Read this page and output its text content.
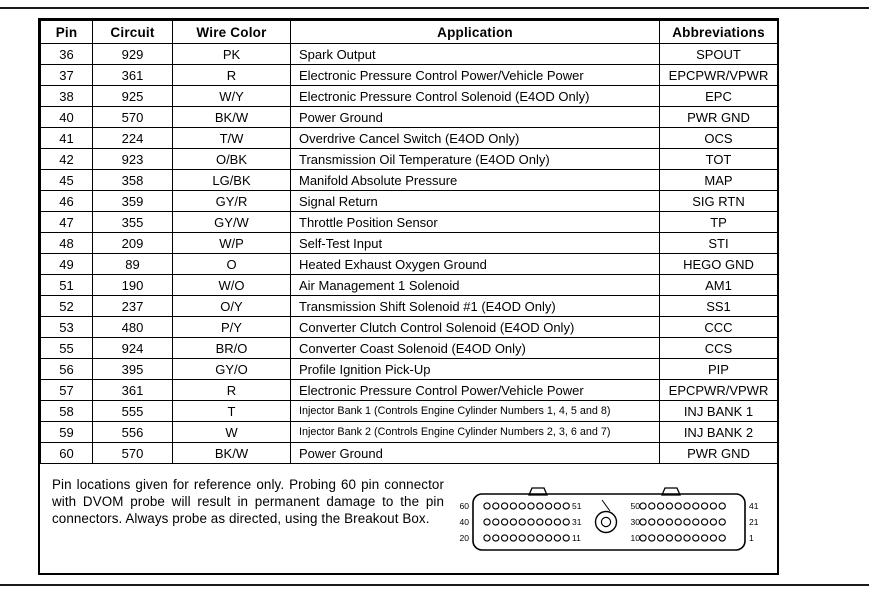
Pin	Circuit	Wire Color	Application	Abbreviations
36	929	PK	Spark Output	SPOUT
37	361	R	Electronic Pressure Control Power/Vehicle Power	EPCPWR/VPWR
38	925	W/Y	Electronic Pressure Control Solenoid (E4OD Only)	EPC
40	570	BK/W	Power Ground	PWR GND
41	224	T/W	Overdrive Cancel Switch (E4OD Only)	OCS
42	923	O/BK	Transmission Oil Temperature (E4OD Only)	TOT
45	358	LG/BK	Manifold Absolute Pressure	MAP
46	359	GY/R	Signal Return	SIG RTN
47	355	GY/W	Throttle Position Sensor	TP
48	209	W/P	Self-Test Input	STI
49	89	O	Heated Exhaust Oxygen Ground	HEGO GND
51	190	W/O	Air Management 1 Solenoid	AM1
52	237	O/Y	Transmission Shift Solenoid #1 (E4OD Only)	SS1
53	480	P/Y	Converter Clutch Control Solenoid (E4OD Only)	CCC
55	924	BR/O	Converter Coast Solenoid (E4OD Only)	CCS
56	395	GY/O	Profile Ignition Pick-Up	PIP
57	361	R	Electronic Pressure Control Power/Vehicle Power	EPCPWR/VPWR
58	555	T	Injector Bank 1 (Controls Engine Cylinder Numbers 1, 4, 5 and 8)	INJ BANK 1
59	556	W	Injector Bank 2 (Controls Engine Cylinder Numbers 2, 3, 6 and 7)	INJ BANK 2
60	570	BK/W	Power Ground	PWR GND
Pin locations given for reference only. Probing 60 pin connector with DVOM probe will result in permanent damage to the pin connectors. Always probe as directed, using the Breakout Box.
60	41
51	50
40	21
31	30
20	1
11	10
